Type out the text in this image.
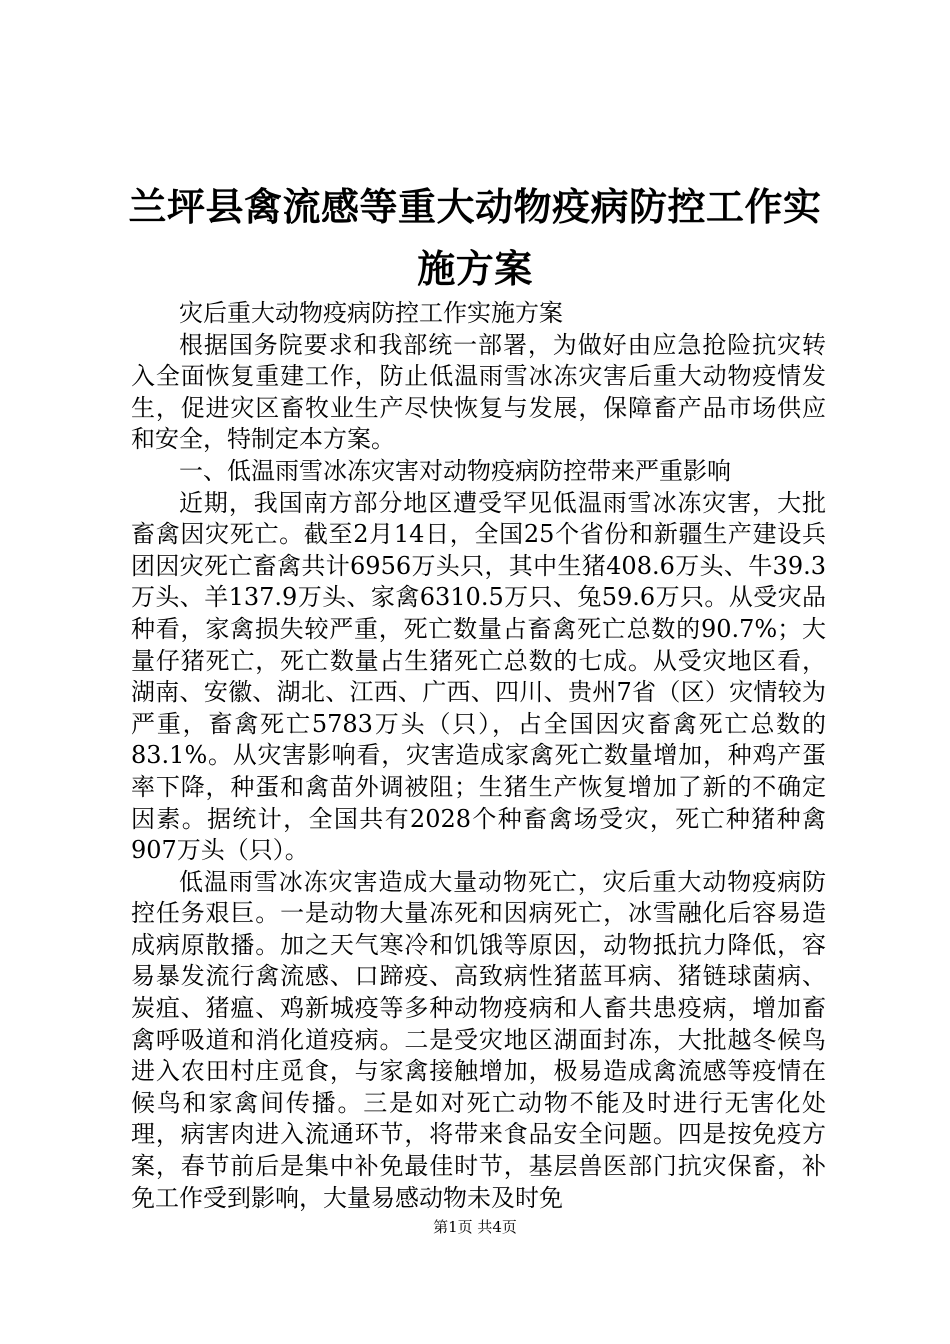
兰坪县禽流感等重大动物疫病防控工作实施方案

灾后重大动物疫病防控工作实施方案

根据国务院要求和我部统一部署，为做好由应急抢险抗灾转入全面恢复重建工作，防止低温雨雪冰冻灾害后重大动物疫情发生，促进灾区畜牧业生产尽快恢复与发展，保障畜产品市场供应和安全，特制定本方案。

一、低温雨雪冰冻灾害对动物疫病防控带来严重影响

近期，我国南方部分地区遭受罕见低温雨雪冰冻灾害，大批畜禽因灾死亡。截至2月14日，全国25个省份和新疆生产建设兵团因灾死亡畜禽共计6956万头只，其中生猪408.6万头、牛39.3万头、羊137.9万头、家禽6310.5万只、兔59.6万只。从受灾品种看，家禽损失较严重，死亡数量占畜禽死亡总数的90.7%；大量仔猪死亡，死亡数量占生猪死亡总数的七成。从受灾地区看，湖南、安徽、湖北、江西、广西、四川、贵州7省（区）灾情较为严重，畜禽死亡5783万头（只），占全国因灾畜禽死亡总数的83.1%。从灾害影响看，灾害造成家禽死亡数量增加，种鸡产蛋率下降，种蛋和禽苗外调被阻；生猪生产恢复增加了新的不确定因素。据统计，全国共有2028个种畜禽场受灾，死亡种猪种禽907万头（只）。

低温雨雪冰冻灾害造成大量动物死亡，灾后重大动物疫病防控任务艰巨。一是动物大量冻死和因病死亡，冰雪融化后容易造成病原散播。加之天气寒冷和饥饿等原因，动物抵抗力降低，容易暴发流行禽流感、口蹄疫、高致病性猪蓝耳病、猪链球菌病、炭疽、猪瘟、鸡新城疫等多种动物疫病和人畜共患疫病，增加畜禽呼吸道和消化道疫病。二是受灾地区湖面封冻，大批越冬候鸟进入农田村庄觅食，与家禽接触增加，极易造成禽流感等疫情在候鸟和家禽间传播。三是如对死亡动物不能及时进行无害化处理，病害肉进入流通环节，将带来食品安全问题。四是按免疫方案，春节前后是集中补免最佳时节，基层兽医部门抗灾保畜，补免工作受到影响，大量易感动物未及时免

第1页 共4页
